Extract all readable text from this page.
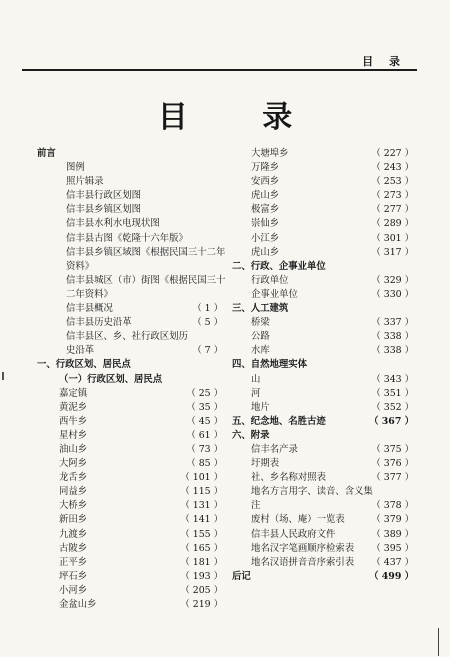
目 录
目 录
前言
图例
照片辑录
信丰县行政区划图
信丰县乡镇区划图
信丰县水利水电现状图
信丰县古图《乾隆十六年版》
信丰县乡镇区域图《根据民国三十二年
资料》
信丰县城区（市）街图《根据民国三十
二年资料》
信丰县概况	（ 1 ）
信丰县历史沿革	（ 5 ）
信丰县区、乡、社行政区划历
史沿革	（ 7 ）
一、行政区划、居民点
（一）行政区划、居民点
嘉定镇	（ 25 ）
黄泥乡	（ 35 ）
西牛乡	（ 45 ）
星村乡	（ 61 ）
油山乡	（ 73 ）
大阿乡	（ 85 ）
龙舌乡	（ 101 ）
同益乡	（ 115 ）
大桥乡	（ 131 ）
新田乡	（ 141 ）
九渡乡	（ 155 ）
古陂乡	（ 165 ）
正平乡	（ 181 ）
坪石乡	（ 193 ）
小河乡	（ 205 ）
金盆山乡	（ 219 ）
大塘埠乡	（ 227 ）
万隆乡	（ 243 ）
安西乡	（ 253 ）
虎山乡	（ 273 ）
极富乡	（ 277 ）
崇仙乡	（ 289 ）
小江乡	（ 301 ）
虎山乡	（ 317 ）
二、行政、企事业单位
行政单位	（ 329 ）
企事业单位	（ 330 ）
三、人工建筑
桥梁	（ 337 ）
公路	（ 338 ）
水库	（ 338 ）
四、自然地理实体
山	（ 343 ）
河	（ 351 ）
地片	（ 352 ）
五、纪念地、名胜古迹	（ 367 ）
六、附录
信丰名产录	（ 375 ）
圩期表	（ 376 ）
社、乡名称对照表	（ 377 ）
地名方言用字、读音、含义集
注	（ 378 ）
废村（场、庵）一览表	（ 379 ）
信丰县人民政府文件	（ 389 ）
地名汉字笔画顺序检索表 （ 395 ）
地名汉语拼音音序索引表 （ 437 ）
后记	（ 499 ）
